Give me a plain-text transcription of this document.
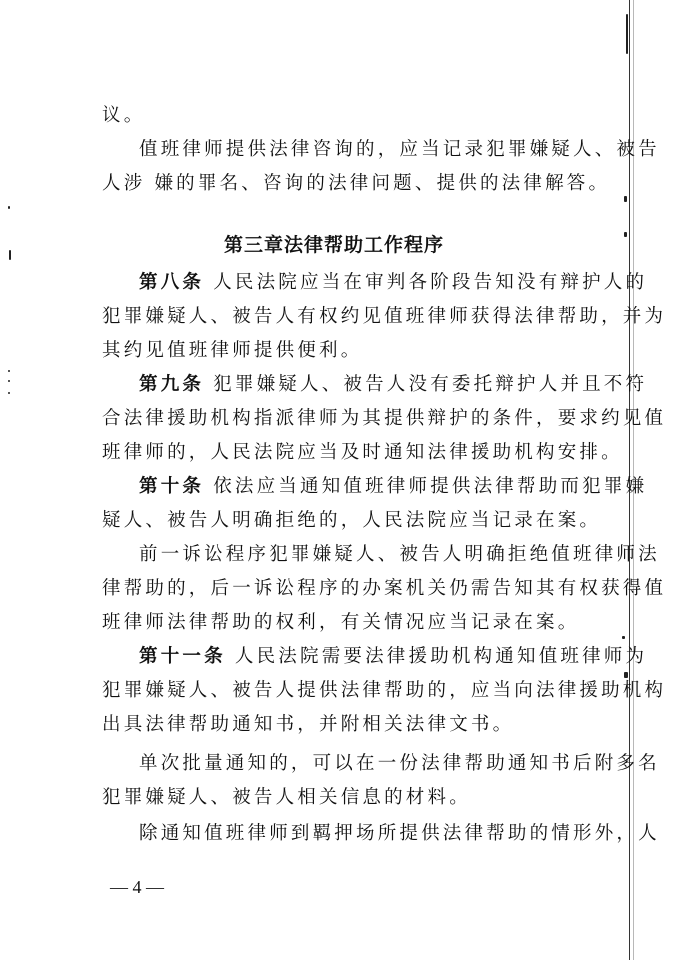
议。
值班律师提供法律咨询的，应当记录犯罪嫌疑人、被告
人涉 嫌的罪名、咨询的法律问题、提供的法律解答。
第三章法律帮助工作程序
第八条 人民法院应当在审判各阶段告知没有辩护人的
犯罪嫌疑人、被告人有权约见值班律师获得法律帮助，并为
其约见值班律师提供便利。
第九条 犯罪嫌疑人、被告人没有委托辩护人并且不符
合法律援助机构指派律师为其提供辩护的条件，要求约见值
班律师的，人民法院应当及时通知法律援助机构安排。
第十条 依法应当通知值班律师提供法律帮助而犯罪嫌
疑人、被告人明确拒绝的，人民法院应当记录在案。
前一诉讼程序犯罪嫌疑人、被告人明确拒绝值班律师法
律帮助的，后一诉讼程序的办案机关仍需告知其有权获得值
班律师法律帮助的权利，有关情况应当记录在案。
第十一条 人民法院需要法律援助机构通知值班律师为
犯罪嫌疑人、被告人提供法律帮助的，应当向法律援助机构
出具法律帮助通知书，并附相关法律文书。
单次批量通知的，可以在一份法律帮助通知书后附多名
犯罪嫌疑人、被告人相关信息的材料。
除通知值班律师到羁押场所提供法律帮助的情形外，人
— 4 —
